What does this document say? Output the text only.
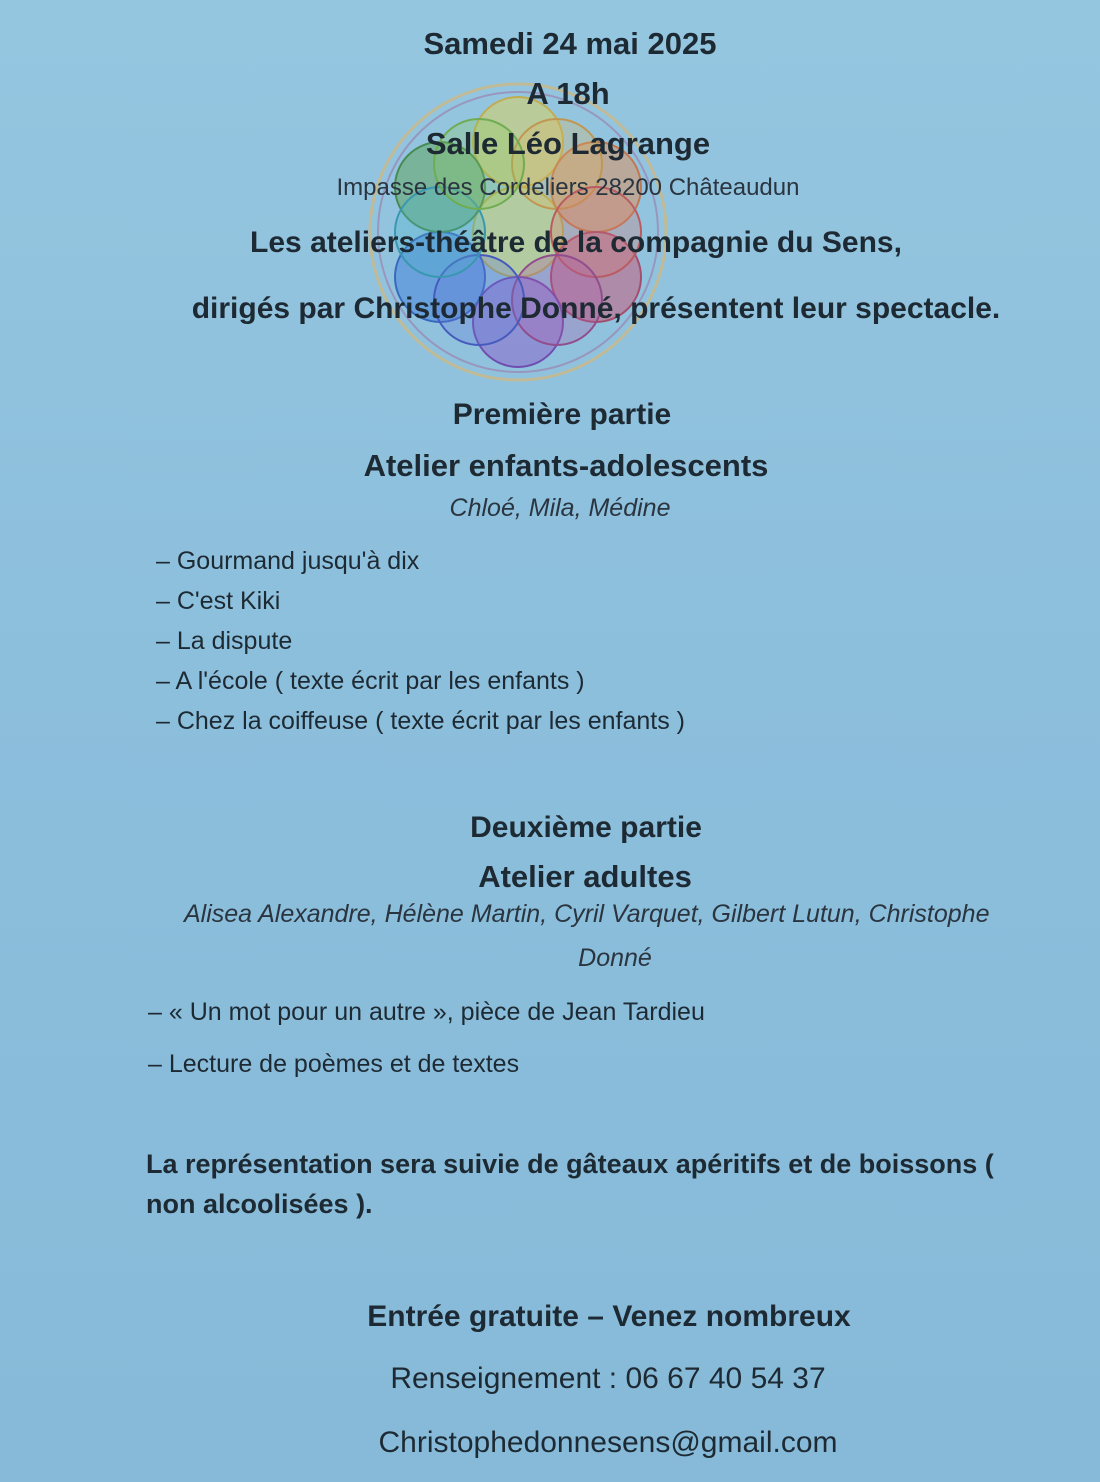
Samedi 24 mai 2025
A 18h
Salle Léo Lagrange
Impasse des Cordeliers 28200 Châteaudun
Les ateliers-théâtre de la compagnie du Sens,
dirigés par Christophe Donné, présentent leur spectacle.
Première partie
Atelier enfants-adolescents
Chloé, Mila, Médine
– Gourmand jusqu'à dix
– C'est Kiki
– La dispute
– A l'école ( texte écrit par les enfants )
– Chez la coiffeuse ( texte écrit par les enfants )
Deuxième partie
Atelier adultes
Alisea Alexandre, Hélène Martin, Cyril Varquet, Gilbert Lutun, Christophe
Donné
– « Un mot pour un autre », pièce de Jean Tardieu
– Lecture de poèmes et de textes
La représentation sera suivie de gâteaux apéritifs et de boissons ( non alcoolisées ).
Entrée gratuite – Venez nombreux
Renseignement : 06 67 40 54 37
Christophedonnesens@gmail.com
